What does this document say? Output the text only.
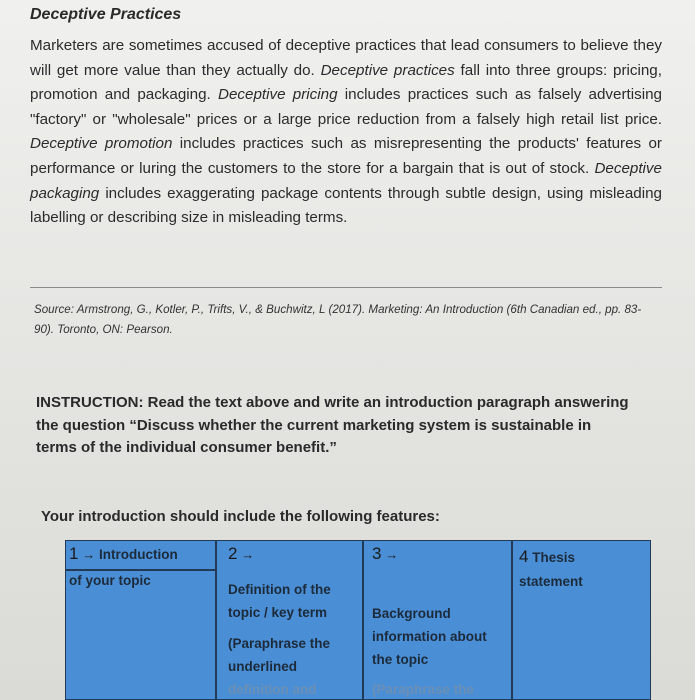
Deceptive Practices
Marketers are sometimes accused of deceptive practices that lead consumers to believe they will get more value than they actually do. Deceptive practices fall into three groups: pricing, promotion and packaging. Deceptive pricing includes practices such as falsely advertising "factory" or "wholesale" prices or a large price reduction from a falsely high retail list price. Deceptive promotion includes practices such as misrepresenting the products' features or performance or luring the customers to the store for a bargain that is out of stock. Deceptive packaging includes exaggerating package contents through subtle design, using misleading labelling or describing size in misleading terms.
Source: Armstrong, G., Kotler, P., Trifts, V., & Buchwitz, L (2017). Marketing: An Introduction (6th Canadian ed., pp. 83-90). Toronto, ON: Pearson.
INSTRUCTION: Read the text above and write an introduction paragraph answering the question “Discuss whether the current marketing system is sustainable in terms of the individual consumer benefit.”
Your introduction should include the following features:
1 → Introduction
of your topic
2 →
Definition of the
topic / key term
(Paraphrase the
underlined
definition and
3 →
Background
information about
the topic
(Paraphrase the
4 Thesis
statement
